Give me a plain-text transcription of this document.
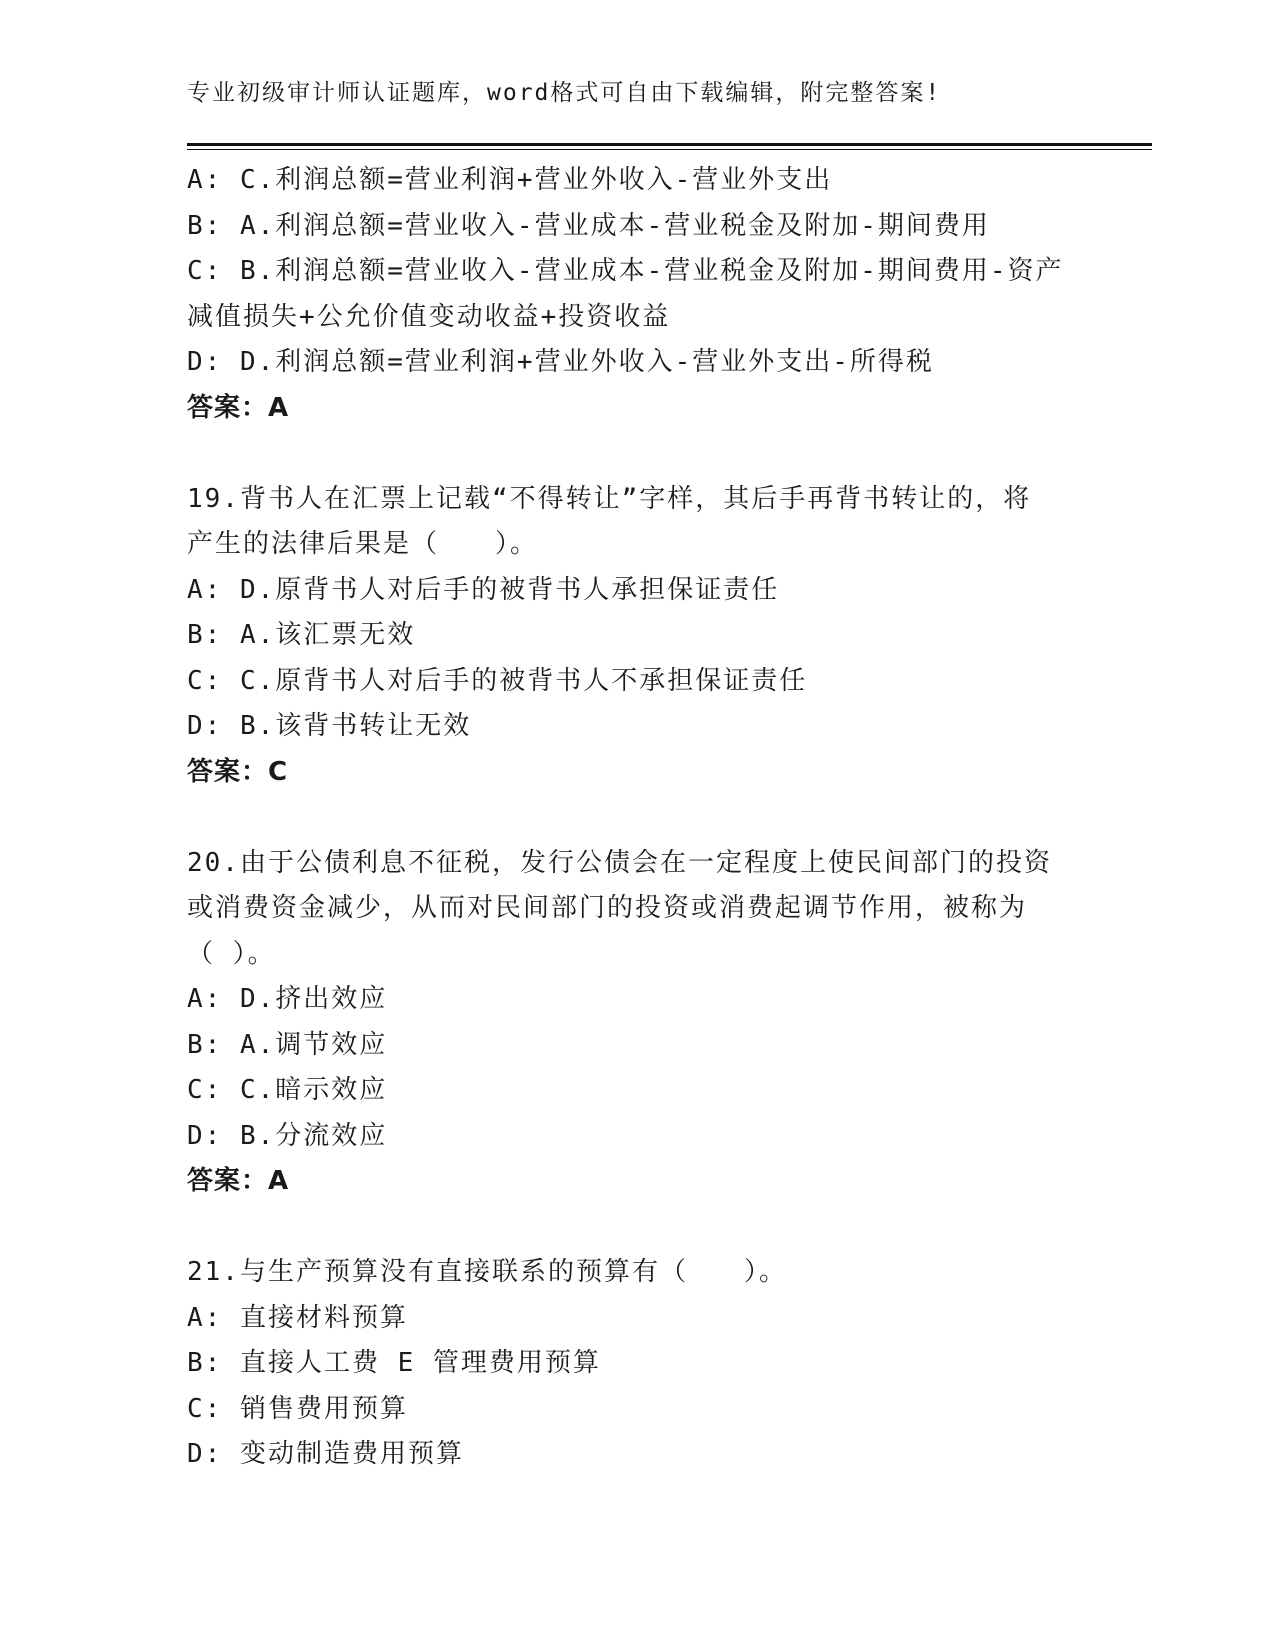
专业初级审计师认证题库，word格式可自由下载编辑，附完整答案!
A: C.利润总额=营业利润+营业外收入-营业外支出
B: A.利润总额=营业收入-营业成本-营业税金及附加-期间费用
C: B.利润总额=营业收入-营业成本-营业税金及附加-期间费用-资产
减值损失+公允价值变动收益+投资收益
D: D.利润总额=营业利润+营业外收入-营业外支出-所得税
答案：A
19.背书人在汇票上记载“不得转让”字样，其后手再背书转让的，将
产生的法律后果是（　　）。
A: D.原背书人对后手的被背书人承担保证责任
B: A.该汇票无效
C: C.原背书人对后手的被背书人不承担保证责任
D: B.该背书转让无效
答案：C
20.由于公债利息不征税，发行公债会在一定程度上使民间部门的投资
或消费资金减少，从而对民间部门的投资或消费起调节作用，被称为
（ ）。
A: D.挤出效应
B: A.调节效应
C: C.暗示效应
D: B.分流效应
答案：A
21.与生产预算没有直接联系的预算有（　　）。
A: 直接材料预算
B: 直接人工费 E 管理费用预算
C: 销售费用预算
D: 变动制造费用预算
